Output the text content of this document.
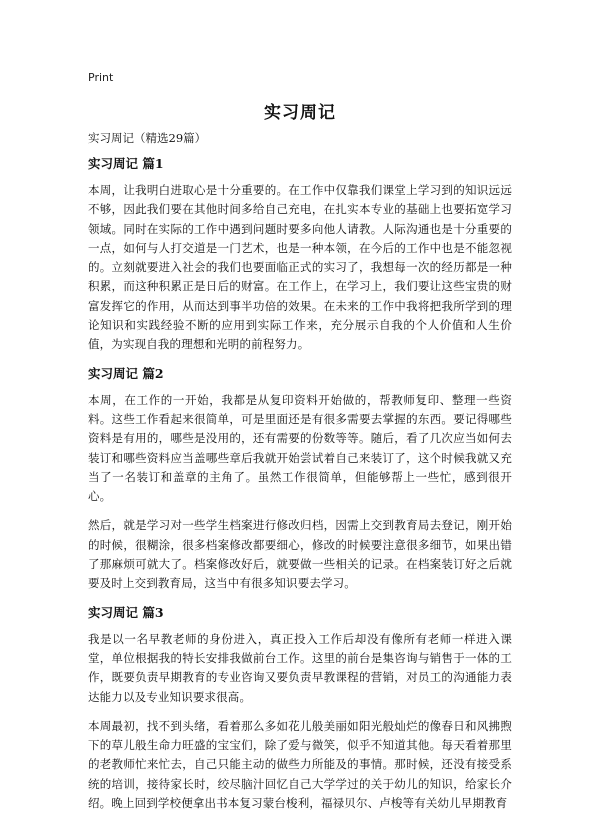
Print
实习周记

实习周记（精选29篇）

实习周记 篇1

本周，让我明白进取心是十分重要的。在工作中仅靠我们课堂上学习到的知识远远不够，因此我们要在其他时间多给自己充电，在扎实本专业的基础上也要拓宽学习领域。同时在实际的工作中遇到问题时要多向他人请教。人际沟通也是十分重要的一点，如何与人打交道是一门艺术，也是一种本领，在今后的工作中也是不能忽视的。立刻就要进入社会的我们也要面临正式的实习了，我想每一次的经历都是一种积累，而这种积累正是日后的财富。在工作上，在学习上，我们要让这些宝贵的财富发挥它的作用，从而达到事半功倍的效果。在未来的工作中我将把我所学到的理论知识和实践经验不断的应用到实际工作来，充分展示自我的个人价值和人生价值，为实现自我的理想和光明的前程努力。

实习周记 篇2

本周，在工作的一开始，我都是从复印资料开始做的，帮教师复印、整理一些资料。这些工作看起来很简单，可是里面还是有很多需要去掌握的东西。要记得哪些资料是有用的，哪些是没用的，还有需要的份数等等。随后，看了几次应当如何去装订和哪些资料应当盖哪些章后我就开始尝试着自己来装订了，这个时候我就又充当了一名装订和盖章的主角了。虽然工作很简单，但能够帮上一些忙，感到很开心。

然后，就是学习对一些学生档案进行修改归档，因需上交到教育局去登记，刚开始的时候，很糊涂，很多档案修改都要细心，修改的时候要注意很多细节，如果出错了那麻烦可就大了。档案修改好后，就要做一些相关的记录。在档案装订好之后就要及时上交到教育局，这当中有很多知识要去学习。

实习周记 篇3

我是以一名早教老师的身份进入，真正投入工作后却没有像所有老师一样进入课堂，单位根据我的特长安排我做前台工作。这里的前台是集咨询与销售于一体的工作，既要负责早期教育的专业咨询又要负责早教课程的营销，对员工的沟通能力表达能力以及专业知识要求很高。

本周最初，找不到头绪，看着那么多如花儿般美丽如阳光般灿烂的像春日和风拂煦下的草儿般生命力旺盛的宝宝们，除了爱与微笑，似乎不知道其他。每天看着那里的老教师忙来忙去，自己只能主动的做些力所能及的事情。那时候，还没有接受系统的培训，接待家长时，绞尽脑汁回忆自己大学学过的关于幼儿的知识，给家长介绍。晚上回到学校便拿出书本复习蒙台梭利，福禄贝尔、卢梭等有关幼儿早期教育
